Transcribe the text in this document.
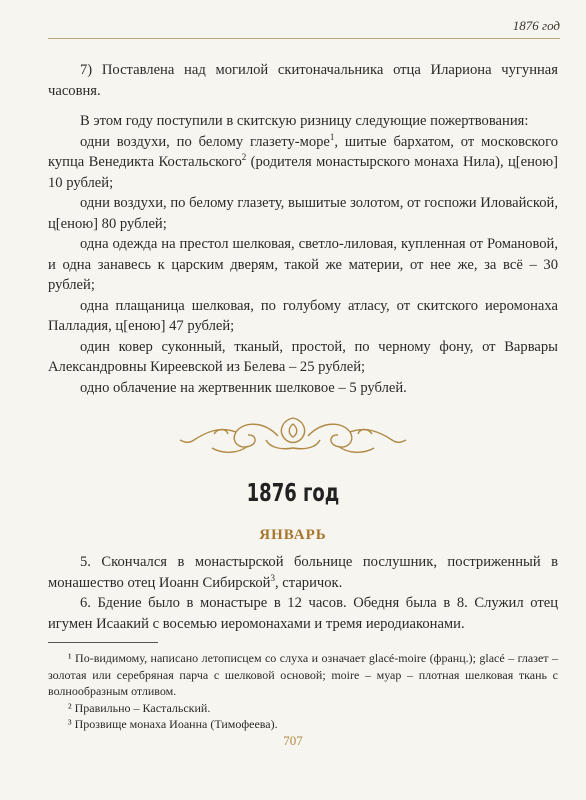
1876 год

7) Поставлена над могилой скитоначальника отца Илариона чугунная часовня.

В этом году поступили в скитскую ризницу следующие пожертвования:

одни воздухи, по белому глазету-море$^1$, шитые бархатом, от московского купца Венедикта Костальского$^2$ (родителя монастырского монаха Нила), ц[еною] 10 рублей;

одни воздухи, по белому глазету, вышитые золотом, от госпожи Иловайской, ц[еною] 80 рублей;

одна одежда на престол шелковая, светло-лиловая, купленная от Романовой, и одна занавесь к царским дверям, такой же материи, от нее же, за всё – 30 рублей;

одна плащаница шелковая, по голубому атласу, от скитского иеромонаха Палладия, ц[еною] 47 рублей;

один ковер суконный, тканый, простой, по черному фону, от Варвары Александровны Киреевской из Белева – 25 рублей;

одно облачение на жертвенник шелковое – 5 рублей.

1876 год
ЯНВАРЬ

5. Скончался в монастырской больнице послушник, постриженный в монашество отец Иоанн Сибирской$^3$, старичок.

6. Бдение было в монастыре в 12 часов. Обедня была в 8. Служил отец игумен Исаакий с восемью иеромонахами и тремя иеродиаконами.

¹ По-видимому, написано летописцем со слуха и означает glacé-moire (франц.); glacé – глазет – золотая или серебряная парча с шелковой основой; moire – муар – плотная шелковая ткань с волнообразным отливом.

² Правильно – Кастальский.

³ Прозвище монаха Иоанна (Тимофеева).

707
